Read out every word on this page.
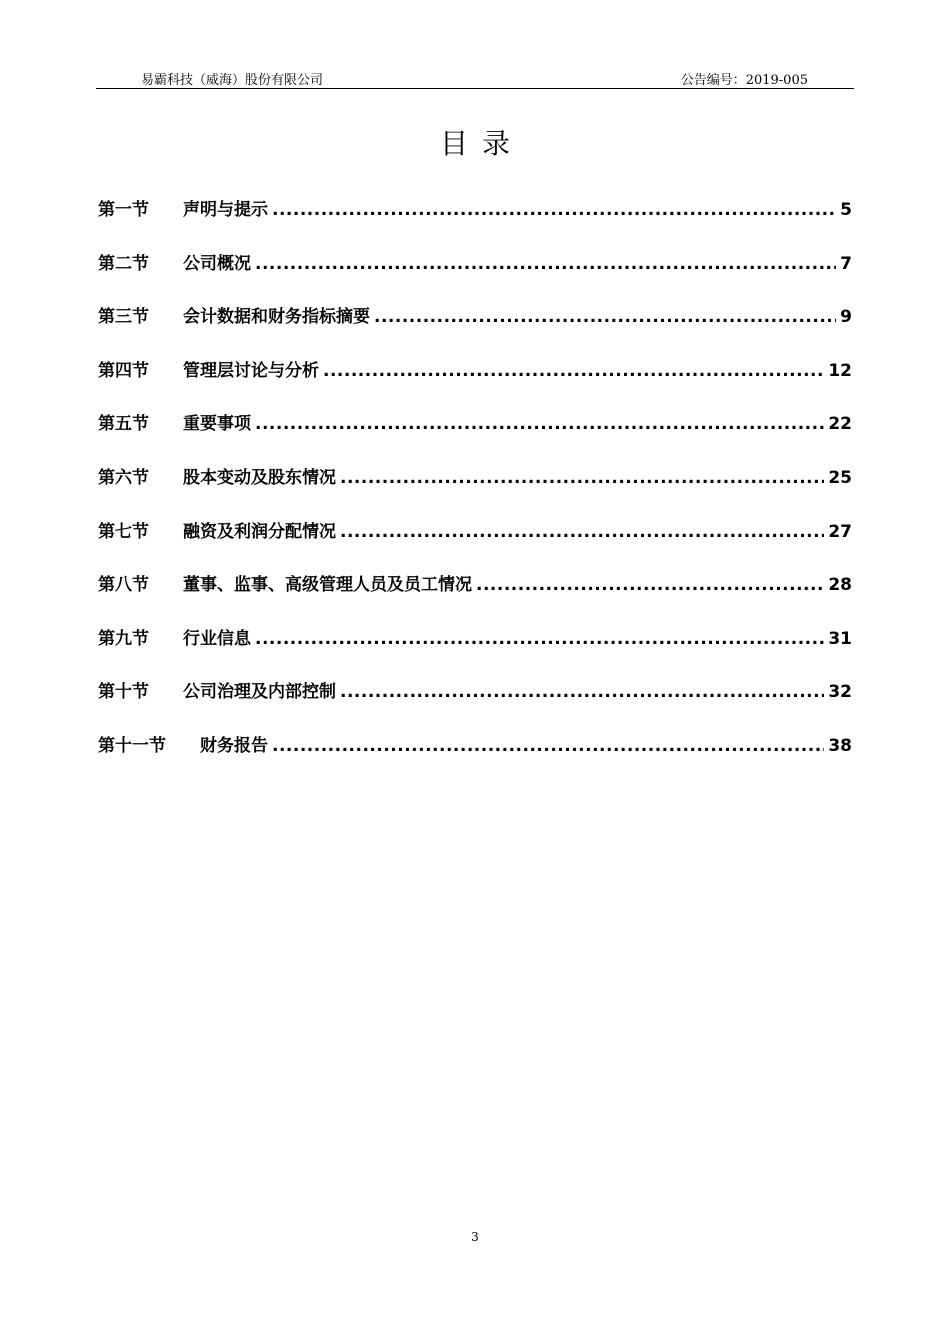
易霸科技（威海）股份有限公司	公告编号：2019-005
目录
第一节	声明与提示 .....	5
第二节	公司概况 .....	7
第三节	会计数据和财务指标摘要 .....	9
第四节	管理层讨论与分析 .....	12
第五节	重要事项 .....	22
第六节	股本变动及股东情况 .....	25
第七节	融资及利润分配情况 .....	27
第八节	董事、监事、高级管理人员及员工情况 .....	28
第九节	行业信息 .....	31
第十节	公司治理及内部控制 .....	32
第十一节	财务报告 .....	38
3
